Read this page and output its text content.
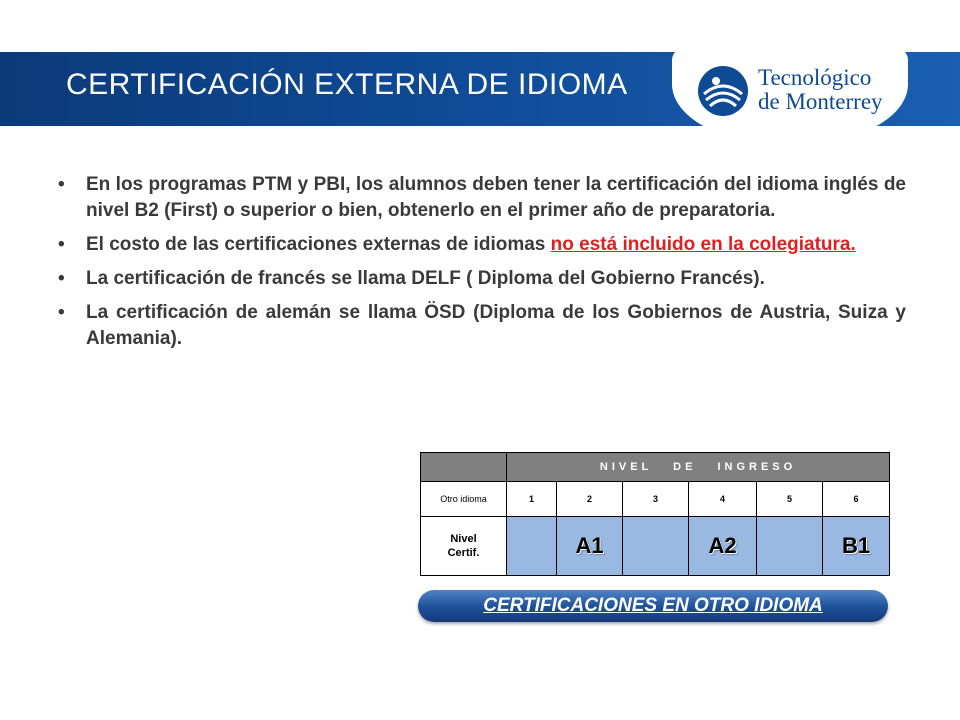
CERTIFICACIÓN EXTERNA DE IDIOMA	Tecnológico
de Monterrey
• En los programas PTM y PBI, los alumnos deben tener la certificación del idioma inglés de nivel B2 (First) o superior o bien, obtenerlo en el primer año de preparatoria.
• El costo de las certificaciones externas de idiomas no está incluido en la colegiatura.
• La certificación de francés se llama DELF ( Diploma del Gobierno Francés).
• La certificación de alemán se llama ÖSD (Diploma de los Gobiernos de Austria, Suiza y Alemania).
	NIVEL DE INGRESO					
Otro idioma	1	2	3	4	5	6

Nivel
Certif.		A1		A2		B1
CERTIFICACIONES EN OTRO IDIOMA
